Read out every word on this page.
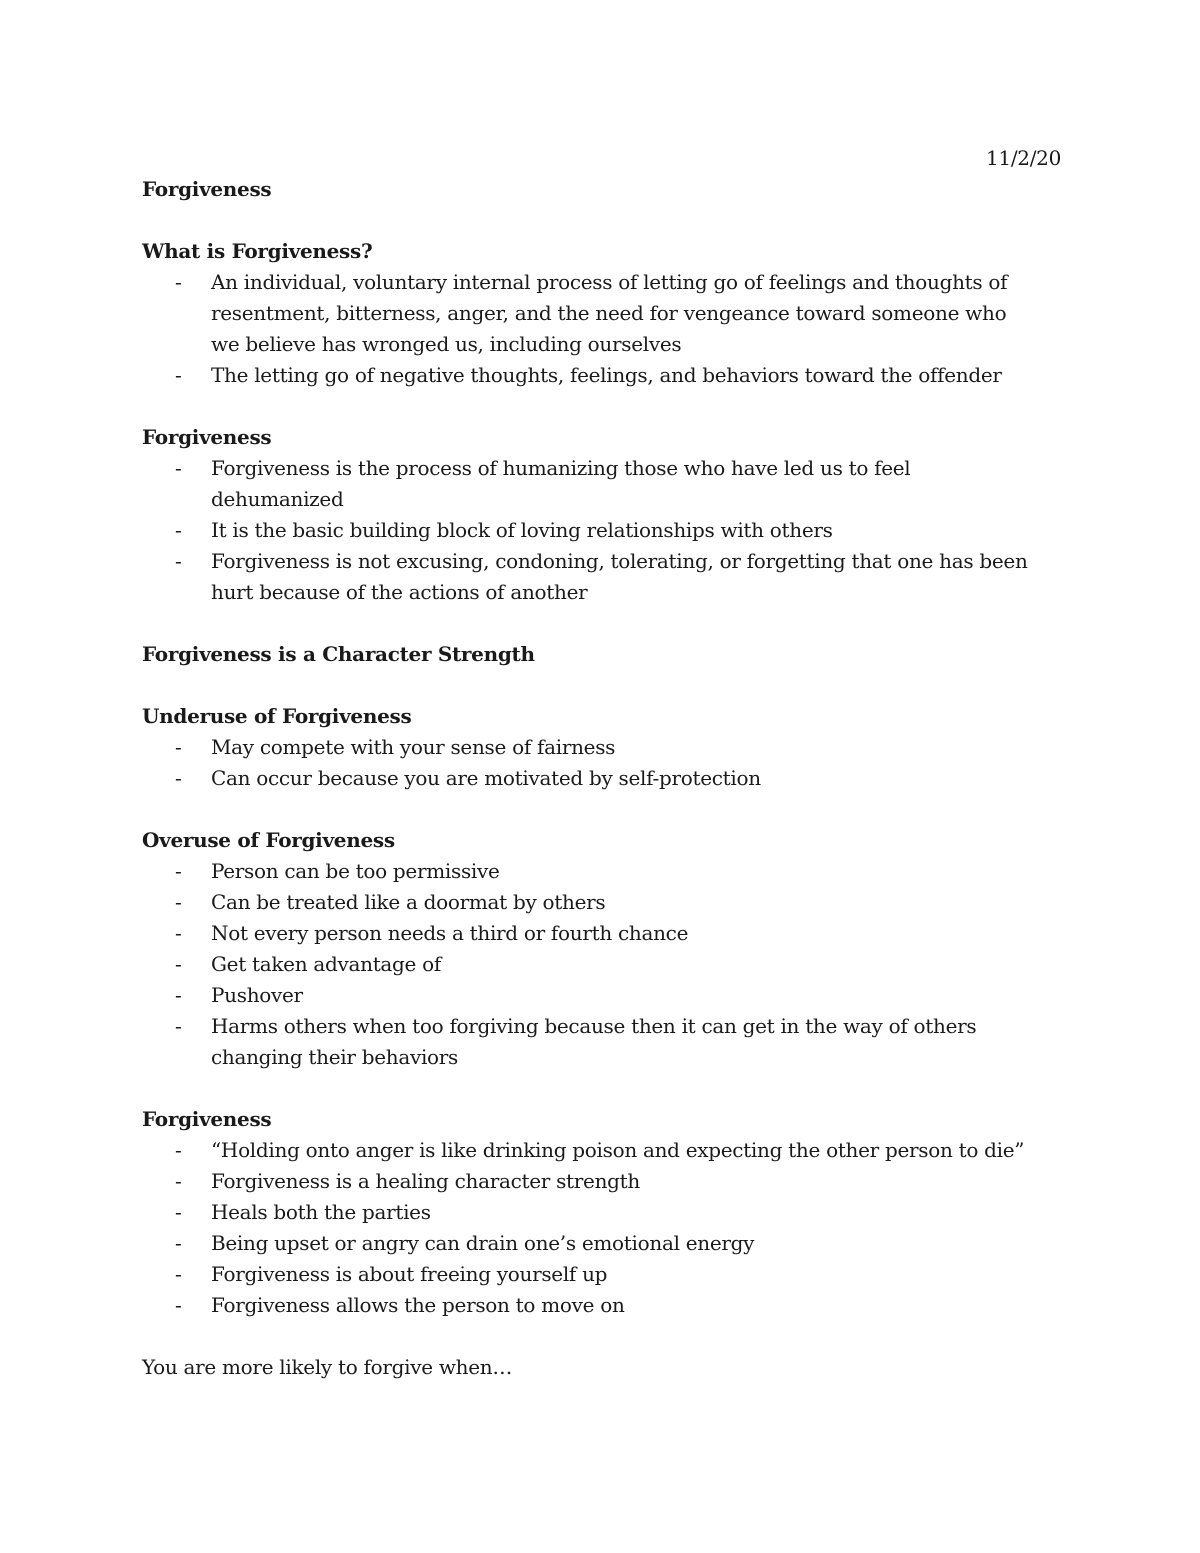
11/2/20

Forgiveness

What is Forgiveness?

- An individual, voluntary internal process of letting go of feelings and thoughts of resentment, bitterness, anger, and the need for vengeance toward someone who we believe has wronged us, including ourselves
- The letting go of negative thoughts, feelings, and behaviors toward the offender

Forgiveness

- Forgiveness is the process of humanizing those who have led us to feel dehumanized
- It is the basic building block of loving relationships with others
- Forgiveness is not excusing, condoning, tolerating, or forgetting that one has been hurt because of the actions of another

Forgiveness is a Character Strength

Underuse of Forgiveness

- May compete with your sense of fairness
- Can occur because you are motivated by self-protection

Overuse of Forgiveness

- Person can be too permissive
- Can be treated like a doormat by others
- Not every person needs a third or fourth chance
- Get taken advantage of
- Pushover
- Harms others when too forgiving because then it can get in the way of others changing their behaviors

Forgiveness

- “Holding onto anger is like drinking poison and expecting the other person to die”
- Forgiveness is a healing character strength
- Heals both the parties
- Being upset or angry can drain one’s emotional energy
- Forgiveness is about freeing yourself up
- Forgiveness allows the person to move on

You are more likely to forgive when…
